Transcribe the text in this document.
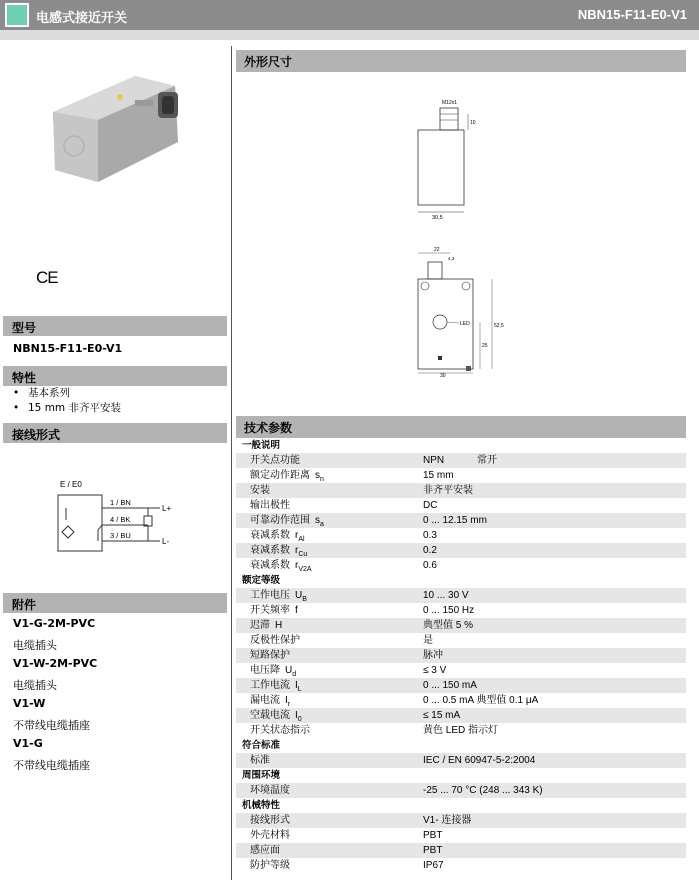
电感式接近开关	NBN15-F11-E0-V1
CE
型号
NBN15-F11-E0-V1
特性
• 基本系列
• 15 mm 非齐平安装
接线形式
E / E0
1 / BN
4 / BK
3 / BU
L+
L-
附件
V1-G-2M-PVC
电缆插头
V1-W-2M-PVC
电缆插头
V1-W
不带线电缆插座
V1-G
不带线电缆插座
外形尺寸
M12x1
30,5
10
22
4,3
LED	52,5
25
30
技术参数
一般说明
开关点功能	NPN	常开
额定动作距离 $s_n$	15 mm
安装	非齐平安装
输出极性	DC
可靠动作范围 $s_a$	0 ... 12.15 mm
衰减系数 $r_{Al}$	0.3
衰减系数 $r_{Cu}$	0.2
衰减系数 $r_{V2A}$	0.6
额定等级
工作电压 $U_B$	10 ... 30 V
开关频率 f	0 ... 150 Hz
迟滞 H	典型值 5 %
反极性保护	是
短路保护	脉冲
电压降 $U_d$	≤ 3 V
工作电流 $I_L$	0 ... 150 mA
漏电流 $I_r$	0 ... 0.5 mA 典型值 0.1 μA
空载电流 $I_0$	≤ 15 mA
开关状态指示	黄色 LED 指示灯
符合标准
标准	IEC / EN 60947-5-2:2004
周围环境
环境温度	-25 ... 70 °C (248 ... 343 K)
机械特性
接线形式	V1- 连接器
外壳材料	PBT
感应面	PBT
防护等级	IP67
